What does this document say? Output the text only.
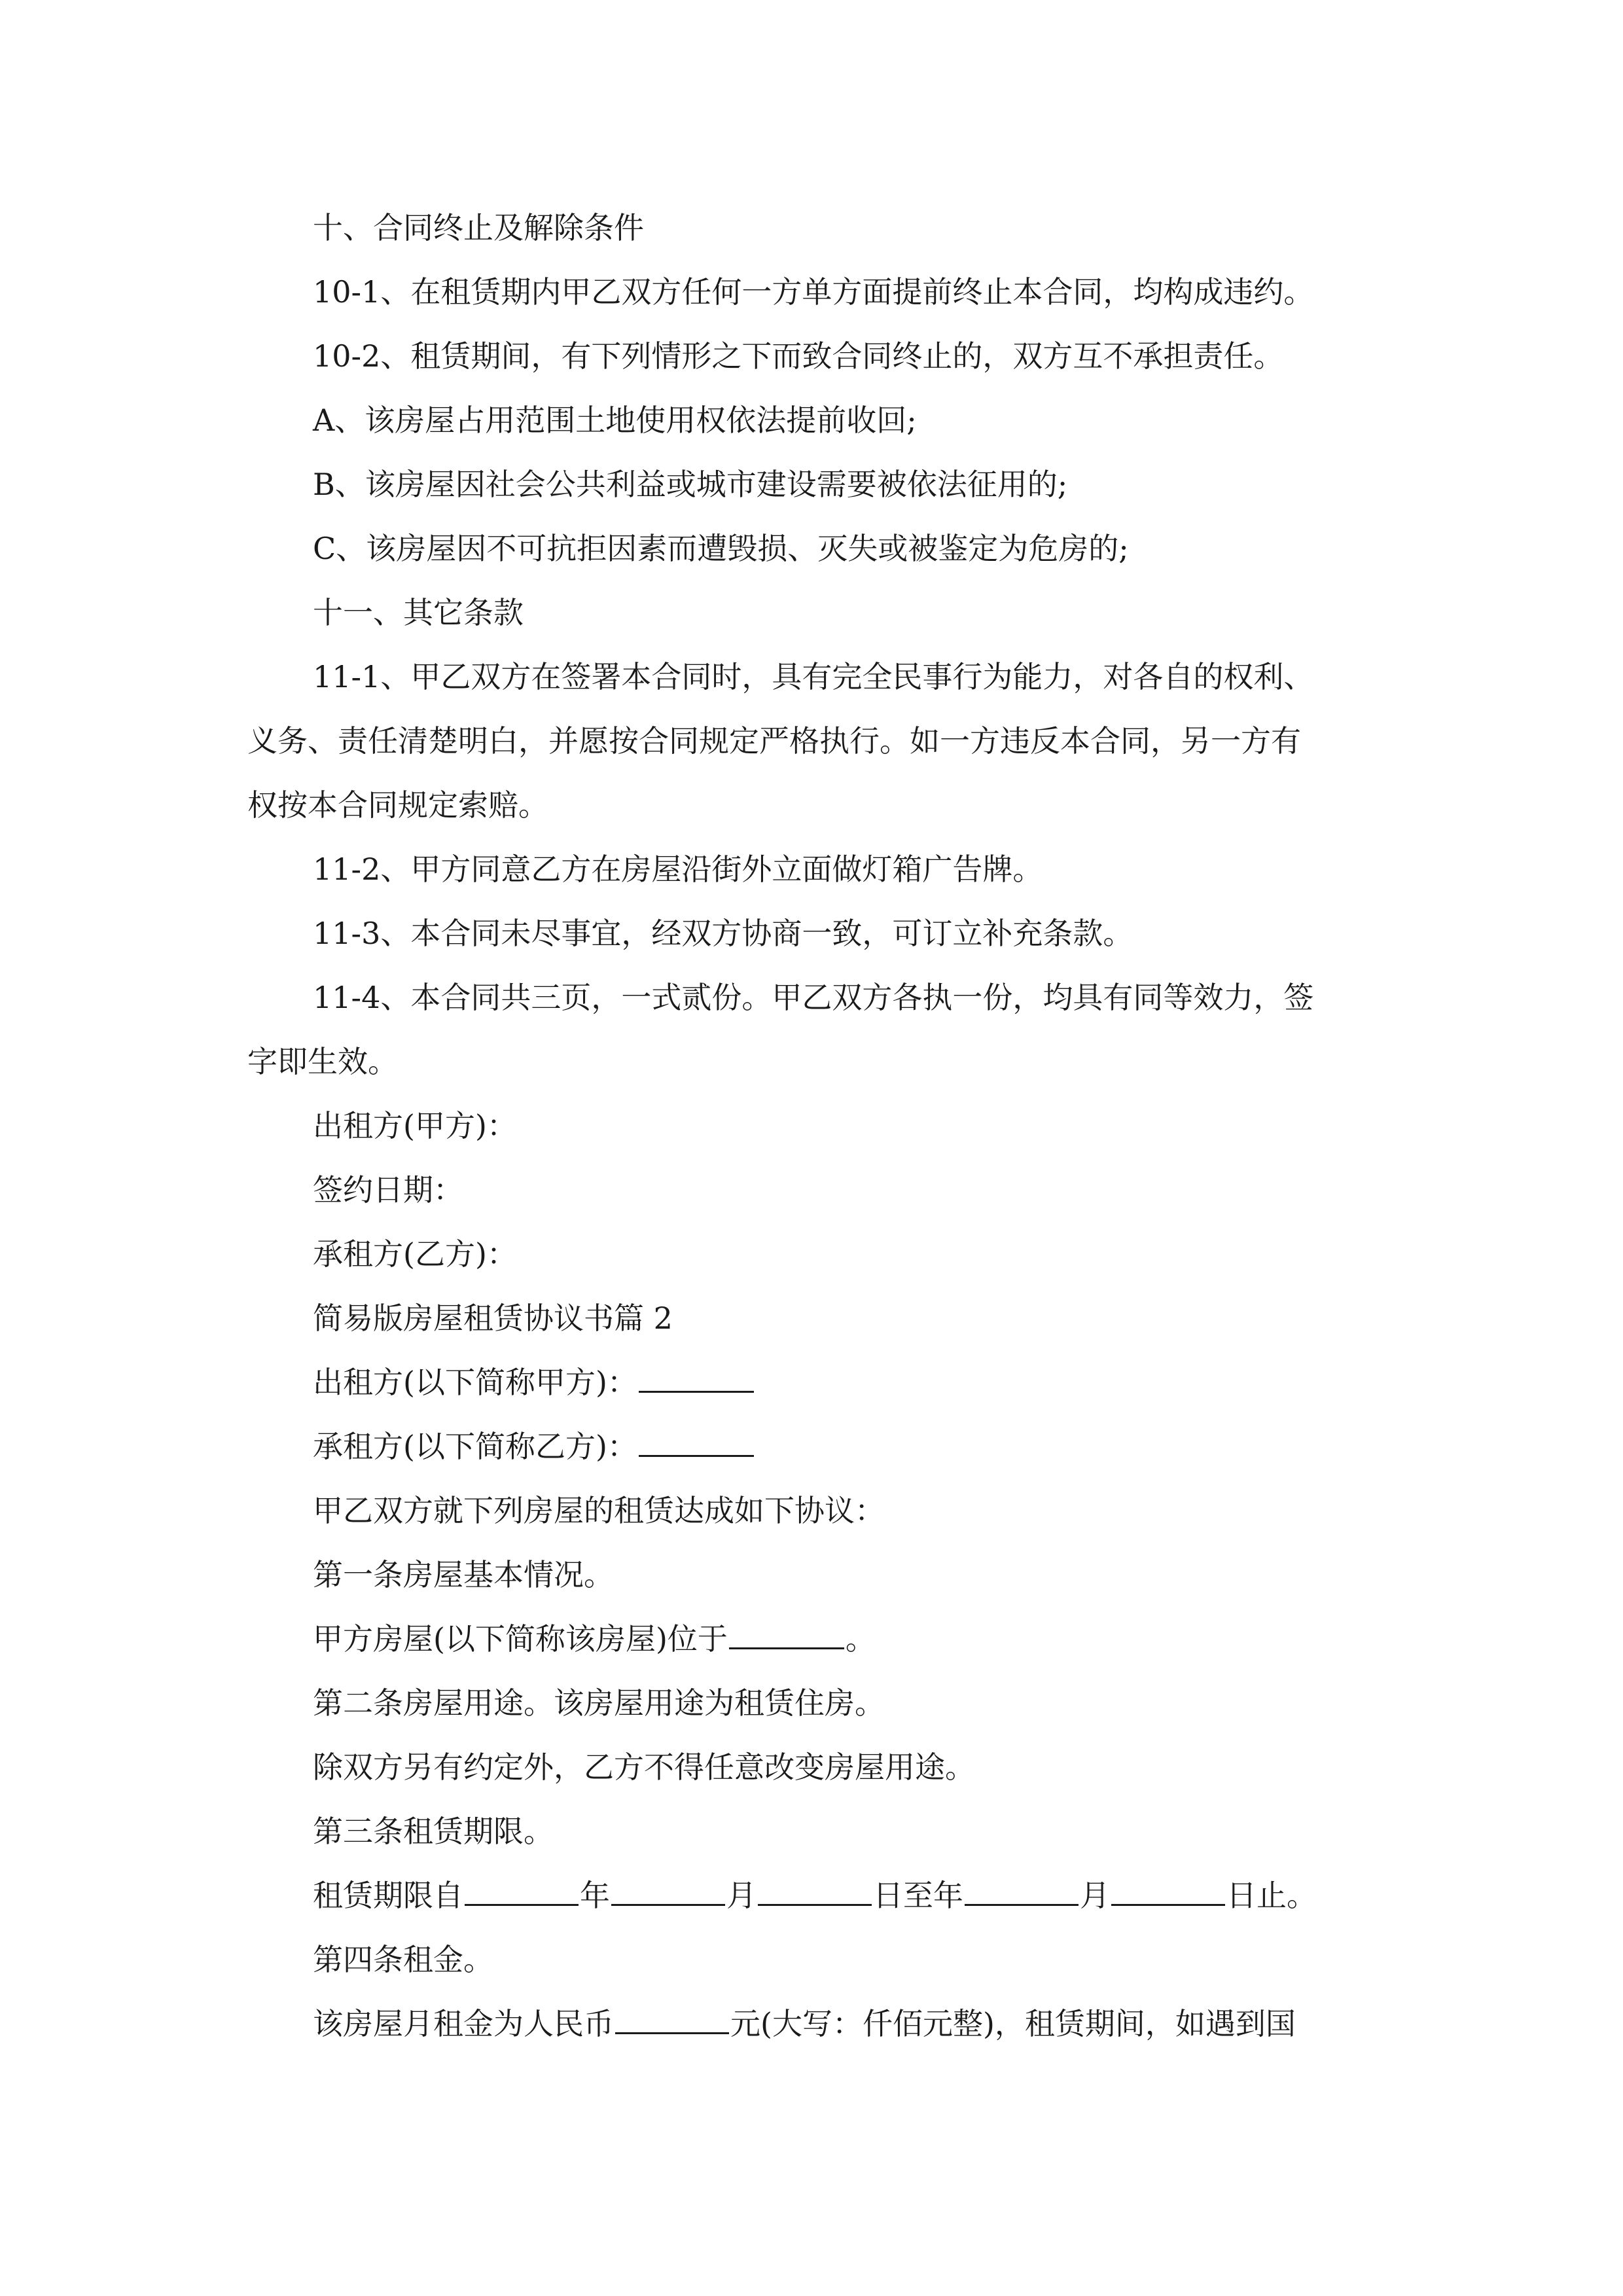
十、合同终止及解除条件
10-1、在租赁期内甲乙双方任何一方单方面提前终止本合同，均构成违约。
10-2、租赁期间，有下列情形之下而致合同终止的，双方互不承担责任。
A、该房屋占用范围土地使用权依法提前收回;
B、该房屋因社会公共利益或城市建设需要被依法征用的;
C、该房屋因不可抗拒因素而遭毁损、灭失或被鉴定为危房的;
十一、其它条款
11-1、甲乙双方在签署本合同时，具有完全民事行为能力，对各自的权利、
义务、责任清楚明白，并愿按合同规定严格执行。如一方违反本合同，另一方有
权按本合同规定索赔。
11-2、甲方同意乙方在房屋沿街外立面做灯箱广告牌。
11-3、本合同未尽事宜，经双方协商一致，可订立补充条款。
11-4、本合同共三页，一式贰份。甲乙双方各执一份，均具有同等效力，签
字即生效。
出租方(甲方)：
签约日期：
承租方(乙方)：
简易版房屋租赁协议书篇 2
出租方(以下简称甲方)：
承租方(以下简称乙方)：
甲乙双方就下列房屋的租赁达成如下协议：
第一条房屋基本情况。
甲方房屋(以下简称该房屋)位于	。
第二条房屋用途。该房屋用途为租赁住房。
除双方另有约定外，乙方不得任意改变房屋用途。
第三条租赁期限。
租赁期限自	年	月	日至年	月	日止。
第四条租金。
该房屋月租金为人民币	元(大写：仟佰元整)，租赁期间，如遇到国
